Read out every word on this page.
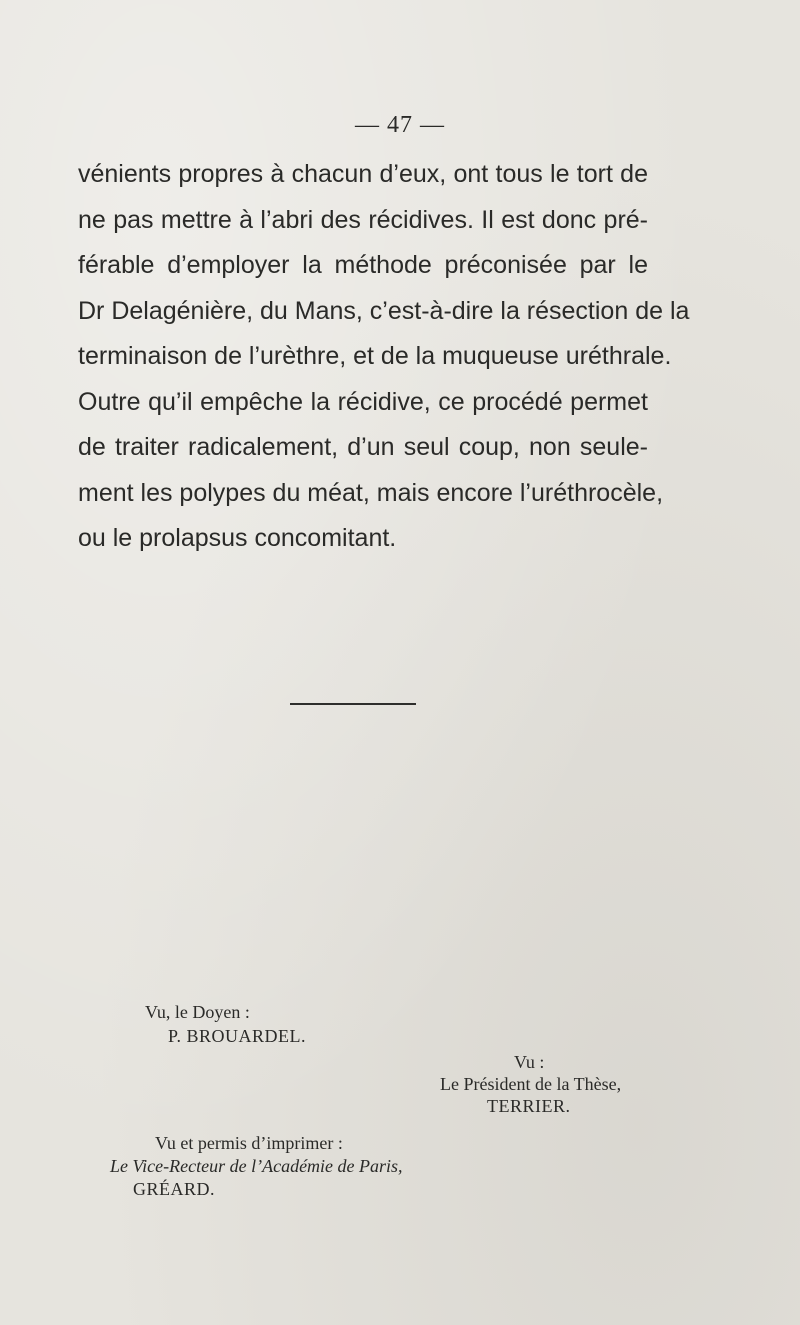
— 47 —
vénients propres à chacun d’eux, ont tous le tort de
ne pas mettre à l’abri des récidives. Il est donc pré-
férable d’employer la méthode préconisée par le
Dr Delagénière, du Mans, c’est-à-dire la résection de la
terminaison de l’urèthre, et de la muqueuse uréthrale.
Outre qu’il empêche la récidive, ce procédé permet
de traiter radicalement, d’un seul coup, non seule-
ment les polypes du méat, mais encore l’uréthrocèle,
ou le prolapsus concomitant.
Vu, le Doyen :
P. BROUARDEL.
Vu :
Le Président de la Thèse,
TERRIER.
Vu et permis d’imprimer :
Le Vice-Recteur de l’Académie de Paris,
GRÉARD.
